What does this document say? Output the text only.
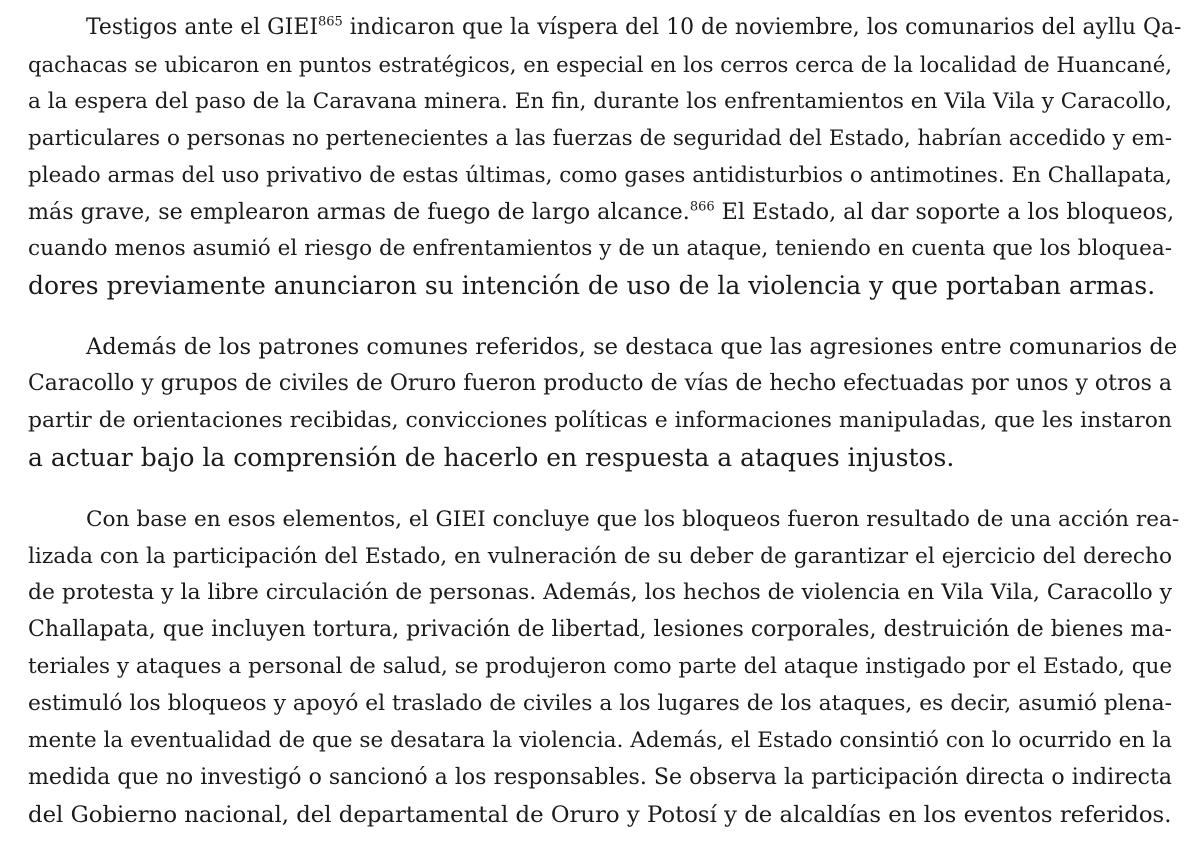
Testigos ante el GIEI$^{865}$ indicaron que la víspera del 10 de noviembre, los comunarios del ayllu Qa-
qachacas se ubicaron en puntos estratégicos, en especial en los cerros cerca de la localidad de Huancané,
a la espera del paso de la Caravana minera. En fin, durante los enfrentamientos en Vila Vila y Caracollo,
particulares o personas no pertenecientes a las fuerzas de seguridad del Estado, habrían accedido y em-
pleado armas del uso privativo de estas últimas, como gases antidisturbios o antimotines. En Challapata,
más grave, se emplearon armas de fuego de largo alcance.$^{866}$ El Estado, al dar soporte a los bloqueos,
cuando menos asumió el riesgo de enfrentamientos y de un ataque, teniendo en cuenta que los bloquea-
dores previamente anunciaron su intención de uso de la violencia y que portaban armas.
Además de los patrones comunes referidos, se destaca que las agresiones entre comunarios de
Caracollo y grupos de civiles de Oruro fueron producto de vías de hecho efectuadas por unos y otros a
partir de orientaciones recibidas, convicciones políticas e informaciones manipuladas, que les instaron
a actuar bajo la comprensión de hacerlo en respuesta a ataques injustos.
Con base en esos elementos, el GIEI concluye que los bloqueos fueron resultado de una acción rea-
lizada con la participación del Estado, en vulneración de su deber de garantizar el ejercicio del derecho
de protesta y la libre circulación de personas. Además, los hechos de violencia en Vila Vila, Caracollo y
Challapata, que incluyen tortura, privación de libertad, lesiones corporales, destruición de bienes ma-
teriales y ataques a personal de salud, se produjeron como parte del ataque instigado por el Estado, que
estimuló los bloqueos y apoyó el traslado de civiles a los lugares de los ataques, es decir, asumió plena-
mente la eventualidad de que se desatara la violencia. Además, el Estado consintió con lo ocurrido en la
medida que no investigó o sancionó a los responsables. Se observa la participación directa o indirecta
del Gobierno nacional, del departamental de Oruro y Potosí y de alcaldías en los eventos referidos.
